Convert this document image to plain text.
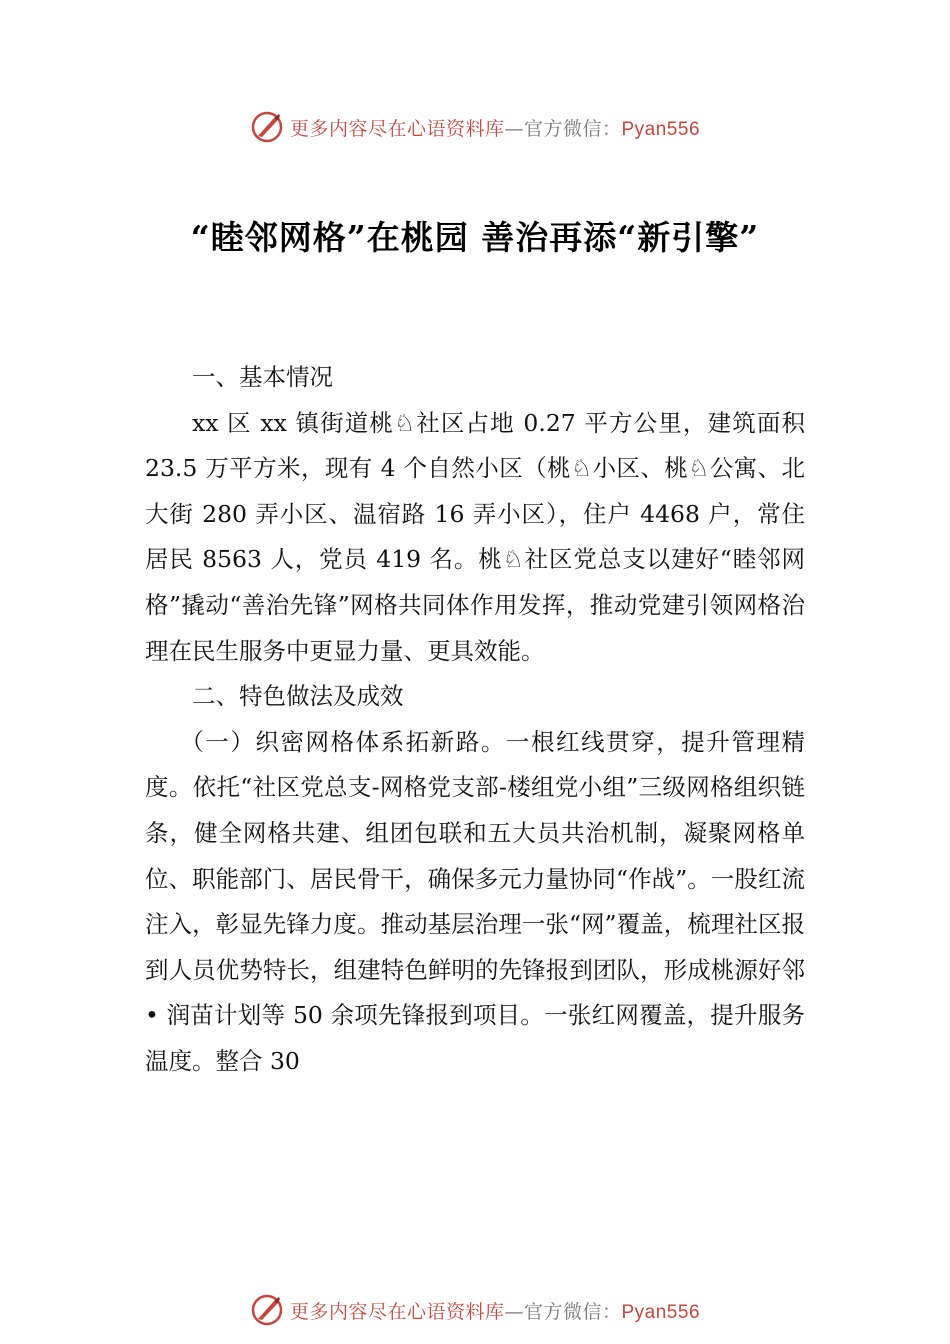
更多内容尽在心语资料库—官方微信：Pyan556
“睦邻网格”在桃园 善治再添“新引擎”

一、基本情况

xx 区 xx 镇街道桃♘社区占地 0.27 平方公里，建筑面积 23.5 万平方米，现有 4 个自然小区（桃♘小区、桃♘公寓、北大街 280 弄小区、温宿路 16 弄小区），住户 4468 户，常住居民 8563 人，党员 419 名。桃♘社区党总支以建好“睦邻网格”撬动“善治先锋”网格共同体作用发挥，推动党建引领网格治理在民生服务中更显力量、更具效能。

二、特色做法及成效

（一）织密网格体系拓新路。一根红线贯穿，提升管理精度。依托“社区党总支-网格党支部-楼组党小组”三级网格组织链条，健全网格共建、组团包联和五大员共治机制，凝聚网格单位、职能部门、居民骨干，确保多元力量协同“作战”。一股红流注入，彰显先锋力度。推动基层治理一张“网”覆盖，梳理社区报到人员优势特长，组建特色鲜明的先锋报到团队，形成桃源好邻 • 润苗计划等 50 余项先锋报到项目。一张红网覆盖，提升服务温度。整合 30

更多内容尽在心语资料库—官方微信：Pyan556
